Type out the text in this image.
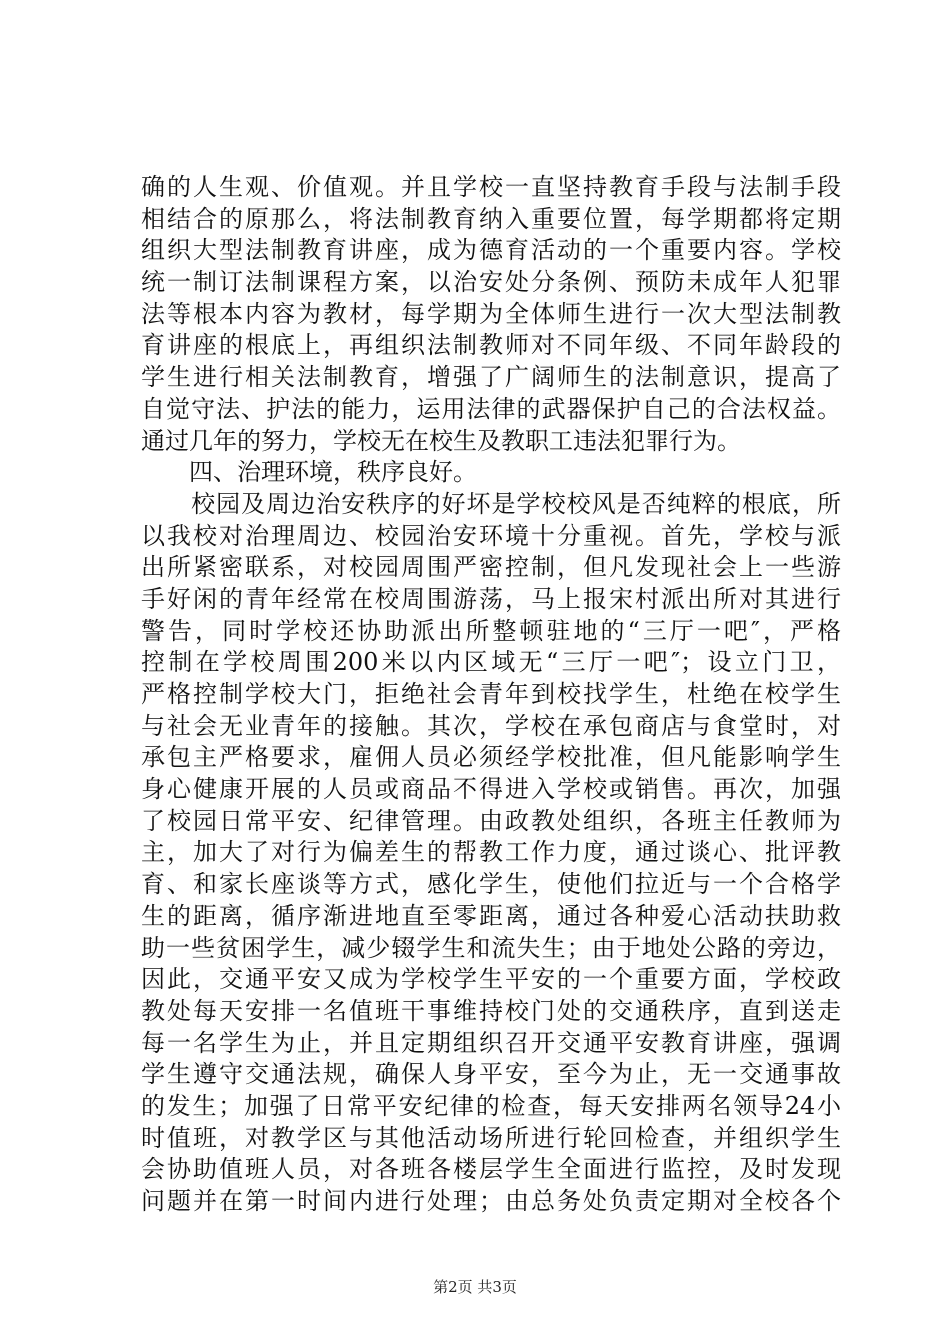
确的人生观、价值观。并且学校一直坚持教育手段与法制手段
相结合的原那么，将法制教育纳入重要位置，每学期都将定期
组织大型法制教育讲座，成为德育活动的一个重要内容。学校
统一制订法制课程方案，以治安处分条例、预防未成年人犯罪
法等根本内容为教材，每学期为全体师生进行一次大型法制教
育讲座的根底上，再组织法制教师对不同年级、不同年龄段的
学生进行相关法制教育，增强了广阔师生的法制意识，提高了
自觉守法、护法的能力，运用法律的武器保护自己的合法权益。
通过几年的努力，学校无在校生及教职工违法犯罪行为。
　　四、治理环境，秩序良好。
　　校园及周边治安秩序的好坏是学校校风是否纯粹的根底，所
以我校对治理周边、校园治安环境十分重视。首先，学校与派
出所紧密联系，对校园周围严密控制，但凡发现社会上一些游
手好闲的青年经常在校周围游荡，马上报宋村派出所对其进行
警告，同时学校还协助派出所整顿驻地的“三厅一吧″，严格
控制在学校周围200米以内区域无“三厅一吧″；设立门卫，
严格控制学校大门，拒绝社会青年到校找学生，杜绝在校学生
与社会无业青年的接触。其次，学校在承包商店与食堂时，对
承包主严格要求，雇佣人员必须经学校批准，但凡能影响学生
身心健康开展的人员或商品不得进入学校或销售。再次，加强
了校园日常平安、纪律管理。由政教处组织，各班主任教师为
主，加大了对行为偏差生的帮教工作力度，通过谈心、批评教
育、和家长座谈等方式，感化学生，使他们拉近与一个合格学
生的距离，循序渐进地直至零距离，通过各种爱心活动扶助救
助一些贫困学生，减少辍学生和流失生；由于地处公路的旁边，
因此，交通平安又成为学校学生平安的一个重要方面，学校政
教处每天安排一名值班干事维持校门处的交通秩序，直到送走
每一名学生为止，并且定期组织召开交通平安教育讲座，强调
学生遵守交通法规，确保人身平安，至今为止，无一交通事故
的发生；加强了日常平安纪律的检查，每天安排两名领导24小
时值班，对教学区与其他活动场所进行轮回检查，并组织学生
会协助值班人员，对各班各楼层学生全面进行监控，及时发现
问题并在第一时间内进行处理；由总务处负责定期对全校各个
第2页 共3页
